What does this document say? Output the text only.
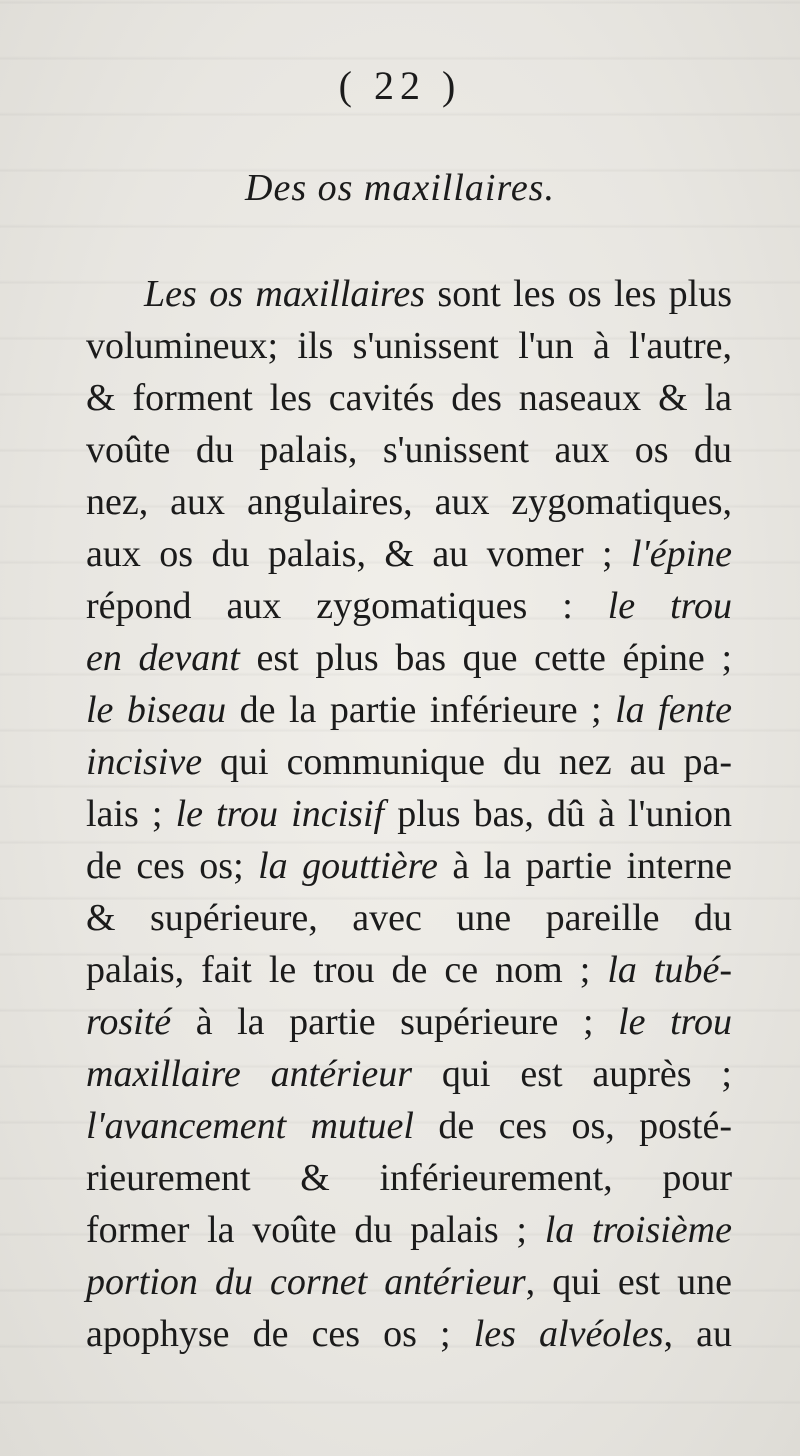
( 22 )
Des os maxillaires.
Les os maxillaires sont les os les plus
volumineux; ils s'unissent l'un à l'autre,
& forment les cavités des naseaux & la
voûte du palais, s'unissent aux os du
nez, aux angulaires, aux zygomatiques,
aux os du palais, & au vomer ; l'épine
répond aux zygomatiques : le trou
en devant est plus bas que cette épine ;
le biseau de la partie inférieure ; la fente
incisive qui communique du nez au pa-
lais ; le trou incisif plus bas, dû à l'union
de ces os; la gouttière à la partie interne
& supérieure, avec une pareille du
palais, fait le trou de ce nom ; la tubé-
rosité à la partie supérieure ; le trou
maxillaire antérieur qui est auprès ;
l'avancement mutuel de ces os, posté-
rieurement & inférieurement, pour
former la voûte du palais ; la troisième
portion du cornet antérieur, qui est une
apophyse de ces os ; les alvéoles, au
